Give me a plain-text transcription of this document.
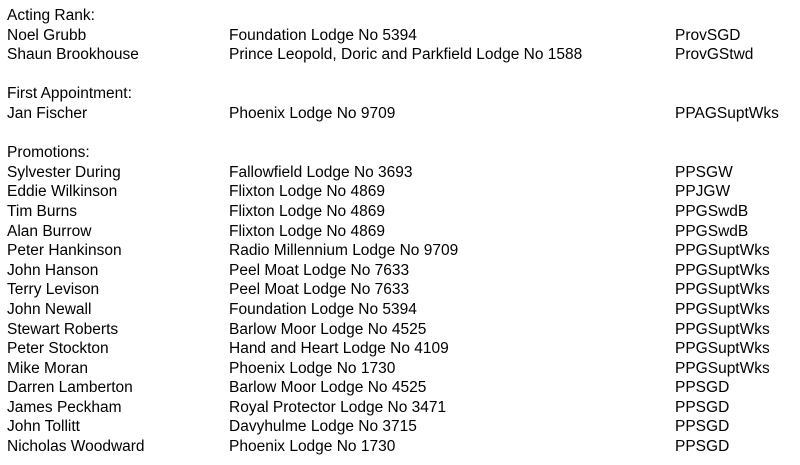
Acting Rank:
Noel Grubb	Foundation Lodge No 5394	ProvSGD
Shaun Brookhouse	Prince Leopold, Doric and Parkfield Lodge No 1588	ProvGStwd
First Appointment:
Jan Fischer	Phoenix Lodge No 9709	PPAGSuptWks
Promotions:
Sylvester During	Fallowfield Lodge No 3693	PPSGW
Eddie Wilkinson	Flixton Lodge No 4869	PPJGW
Tim Burns	Flixton Lodge No 4869	PPGSwdB
Alan Burrow	Flixton Lodge No 4869	PPGSwdB
Peter Hankinson	Radio Millennium Lodge No 9709	PPGSuptWks
John Hanson	Peel Moat Lodge No 7633	PPGSuptWks
Terry Levison	Peel Moat Lodge No 7633	PPGSuptWks
John Newall	Foundation Lodge No 5394	PPGSuptWks
Stewart Roberts	Barlow Moor Lodge No 4525	PPGSuptWks
Peter Stockton	Hand and Heart Lodge No 4109	PPGSuptWks
Mike Moran	Phoenix Lodge No 1730	PPGSuptWks
Darren Lamberton	Barlow Moor Lodge No 4525	PPSGD
James Peckham	Royal Protector Lodge No 3471	PPSGD
John Tollitt	Davyhulme Lodge No 3715	PPSGD
Nicholas Woodward	Phoenix Lodge No 1730	PPSGD
